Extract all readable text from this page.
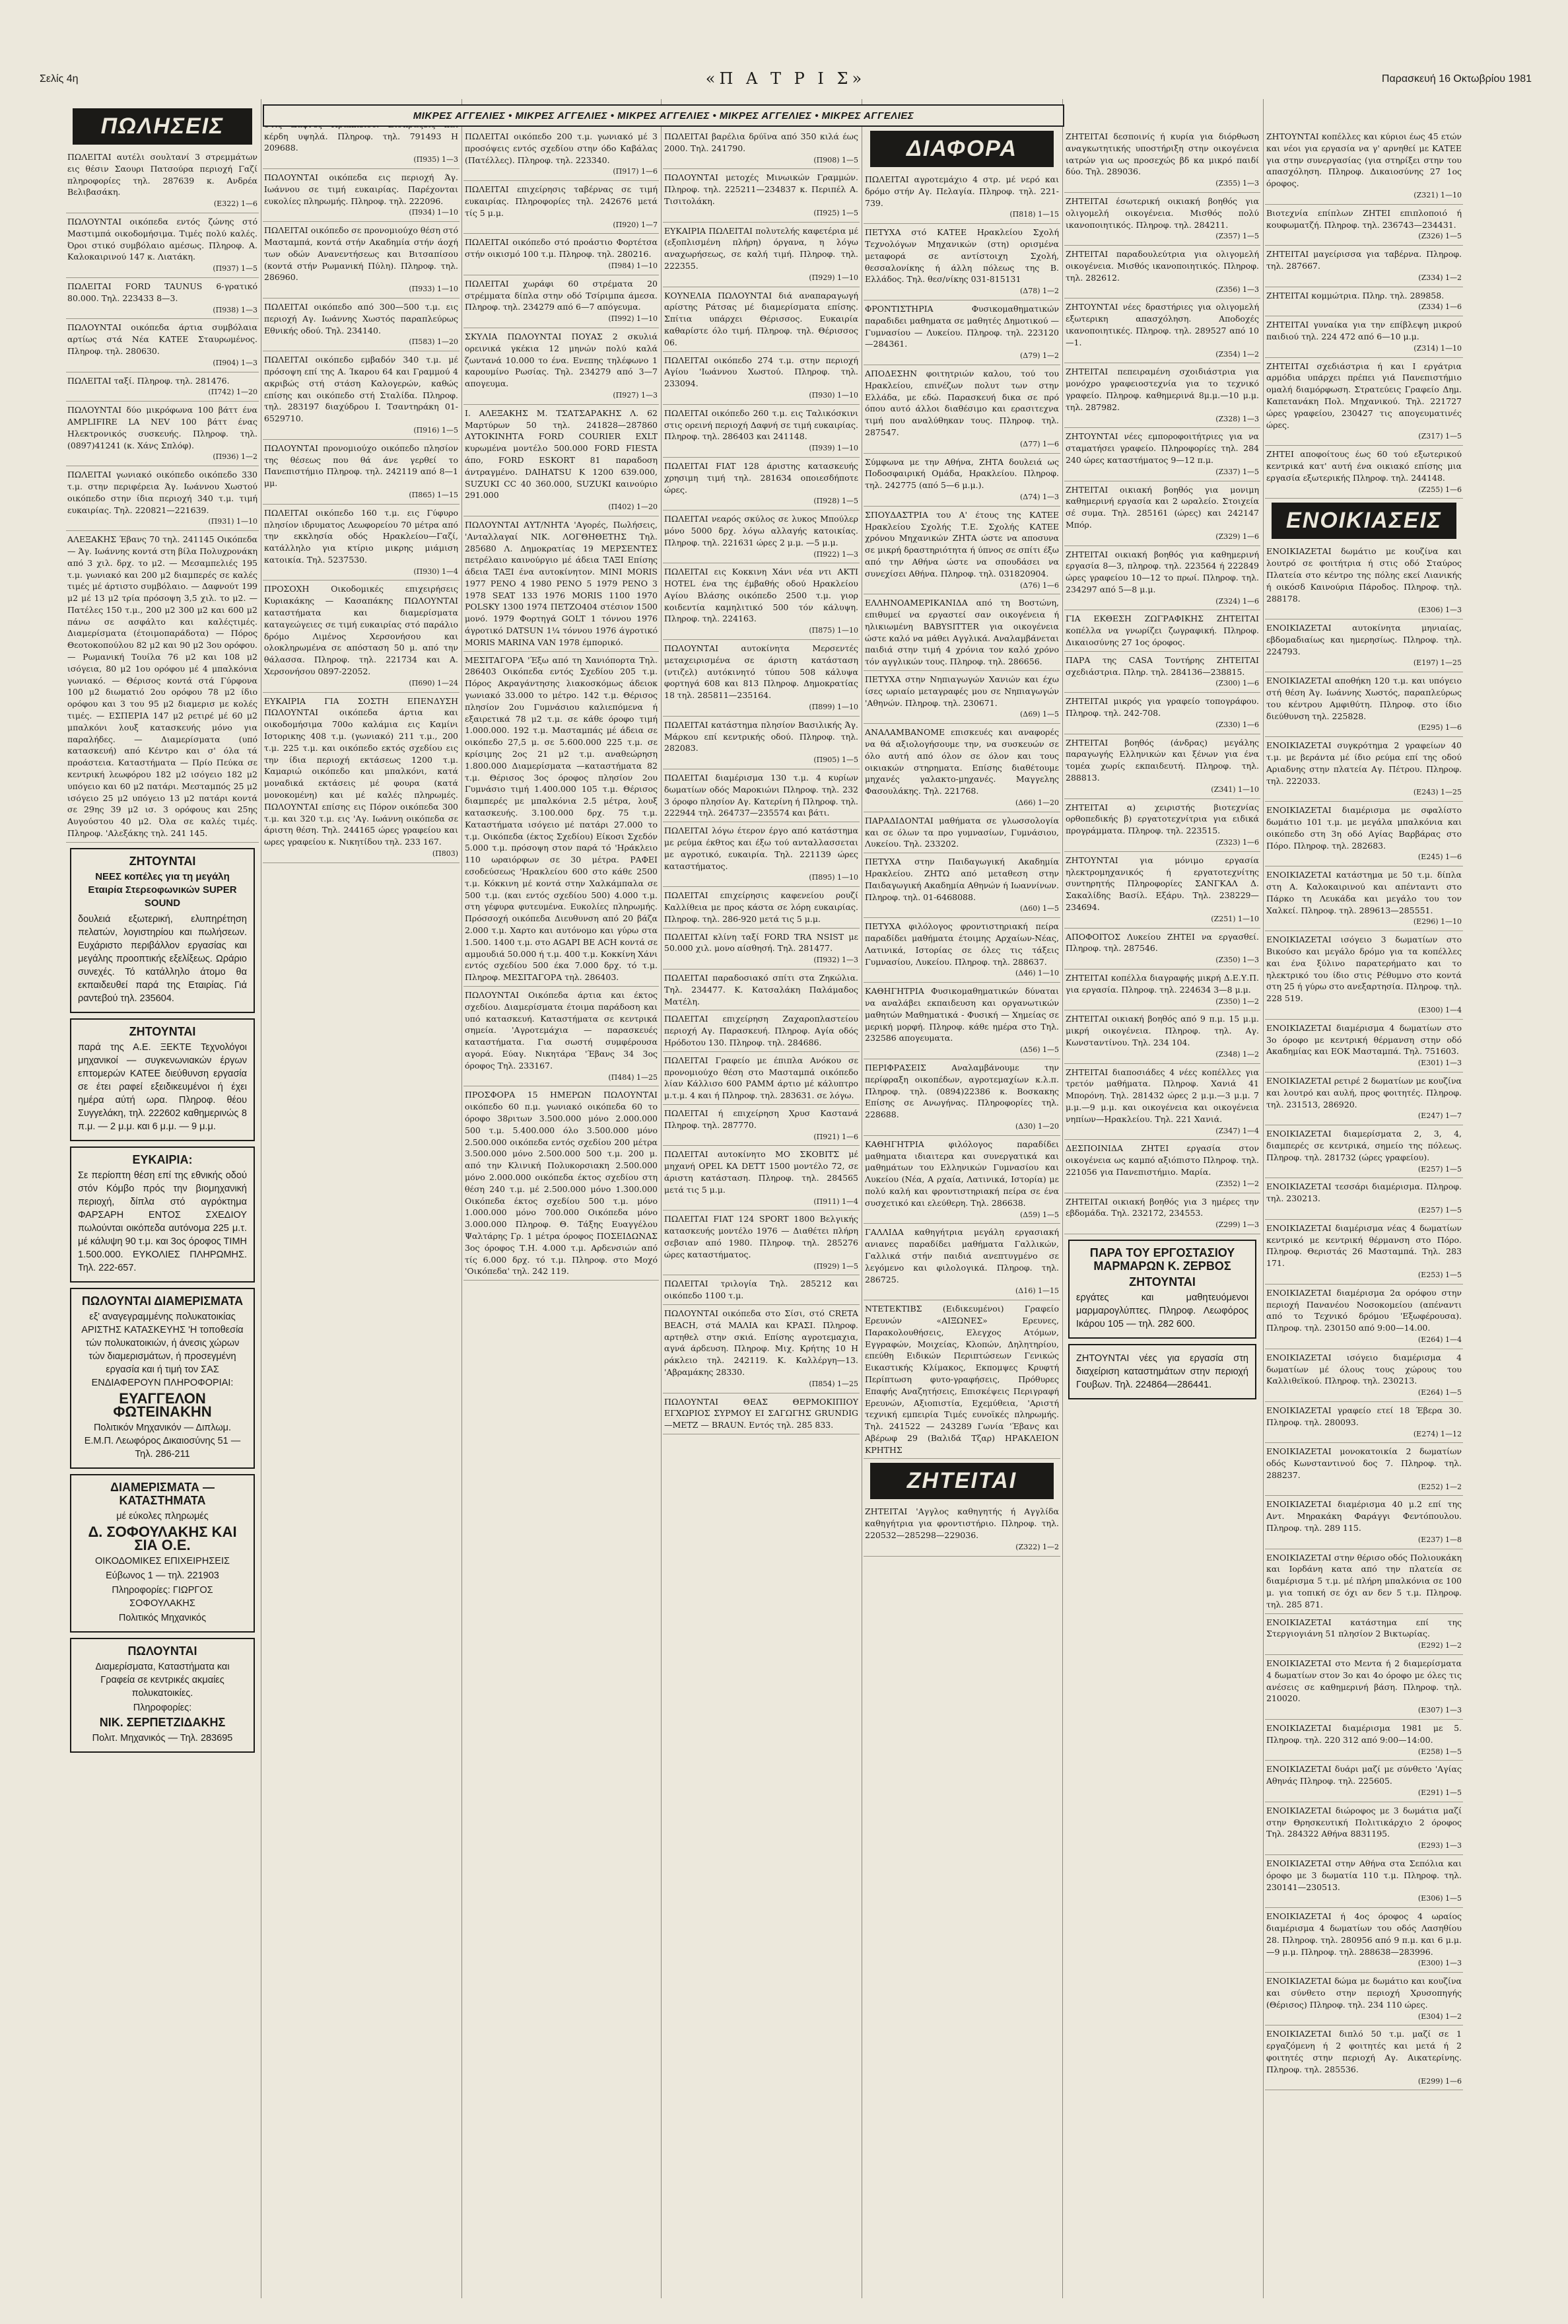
Σελίς 4η	«Π Α Τ Ρ Ι Σ»	Παρασκευή 16 Οκτωβρίου 1981
ΜΙΚΡΕΣ ΑΓΓΕΛΙΕΣ • ΜΙΚΡΕΣ ΑΓΓΕΛΙΕΣ • ΜΙΚΡΕΣ ΑΓΓΕΛΙΕΣ • ΜΙΚΡΕΣ ΑΓΓΕΛΙΕΣ • ΜΙΚΡΕΣ ΑΓΓΕΛΙΕΣ
ΠΩΛΗΣΕΙΣ
ΠΩΛΕΙΤΑΙ αυτέλι σουλτανί 3 στρεμμάτων εις θέσιν Σαουρι Πατσούρα περιοχή Γαζί πληροφορίες τηλ. 287639 κ. Ανδρέα Βελιβασάκη.
(Ε322) 1—6
ΠΩΛΟΥΝΤΑΙ οικόπεδα εντός ζώνης στό Μαστιμπά οικοδομήσιμα. Τιμές πολύ καλές. Όροι στικό συμβόλαιο αμέσως. Πληροφ. Α. Καλοκαιρινού 147 κ. Λιατάκη.
(Π937) 1—5
ΠΩΛΕΙΤΑΙ FORD TAUNUS 6-γρατικό 80.000. Τηλ. 223433 8—3.
(Π938) 1—3
ΠΩΛΟΥΝΤΑΙ οικόπεδα άρτια συμβόλαια αρτίως στά Νέα ΚΑΤΕΕ Σταυρωμένος. Πληροφ. τηλ. 280630.
(Π904) 1—3
ΠΩΛΕΙΤΑΙ ταξί. Πληροφ. τηλ. 281476.
(Π742) 1—20
ΠΩΛΟΥΝΤΑΙ δύο μικρόφωνα 100 βάττ ένα AMPLIFIRE LA NEV 100 βάττ ένας Ηλεκτρονικός συσκευής. Πληροφ. τηλ. (0897)41241 (κ. Χάνς Σπλόφ).
(Π936) 1—2
ΠΩΛΕΙΤΑΙ γωνιακό οικόπεδο οικόπεδο 330 τ.μ. στην περιφέρεια Άγ. Ιωάννου Χωστού οικόπεδο στην ίδια περιοχή 340 τ.μ. τιμή ευκαιρίας. Τηλ. 220821—221639.
(Π931) 1—10
ΑΛΕΞΑΚΗΣ Έβανς 70 τηλ. 241145 Οικόπεδα — Άγ. Ιωάννης κοντά στη βίλα Πολυχρονάκη από 3 χιλ. δρχ. το μ2. — Μεσαμπελιές 195 τ.μ. γωνιακό και 200 μ2 διαμπερές σε καλές τιμές μέ άρτιστο συμβόλαιο. — Δαφνούτ 199 μ2 μέ 13 μ2 τρία πρόσοψη 3,5 χιλ. το μ2. — Πατέλες 150 τ.μ., 200 μ2 300 μ2 και 600 μ2 πάνω σε ασφάλτο και καλέςτιμές. Διαμερίσματα (έτοιμοπαράδοτα) — Πόρος Θεοτοκοπούλου 82 μ2 και 90 μ2 3ου ορόφου. — Ρωμανική Τουίλα 76 μ2 και 108 μ2 ισόγεια, 80 μ2 1ου ορόφου μέ 4 μπαλκόνια γωνιακό. — Θέρισος κοντά στά Γύρφονα 100 μ2 διωματιό 2ου ορόφου 78 μ2 ίδιο ορόφου και 3 του 95 μ2 διαμερισ με κολές τιμές. — ΕΣΠΕΡΙΑ 147 μ2 ρετιρέ μέ 60 μ2 μπαλκόνι λουξ κατασκευής μόνο για παραλήδες. — Διαμερίσματα (υπό κατασκευή) από Κέντρο και σ' όλα τά προάστεια. Καταστήματα — Πρίο Πεύκα σε κεντρική λεωφόρου 182 μ2 ισόγειο 182 μ2 υπόγειο και 60 μ2 πατάρι. Μεσταμπός 25 μ2 ισόγειο 25 μ2 υπόγειο 13 μ2 πατάρι κοντά σε 29ης 39 μ2 ισ. 3 ορόφους και 25ης Αυγούστου 40 μ2. Όλα σε καλές τιμές. Πληροφ. 'Αλεξάκης τηλ. 241 145.
ΖΗΤΟΥΝΤΑΙ
ΝΕΕΣ κοπέλες για τη μεγάλη Εταιρία Στερεοφωνικών SUPER SOUND

δουλειά εξωτερική, ελυπηρέτηση πελατών, λογιστηρίου και πωλήσεων. Ευχάριστο περιβάλλον εργασίας και μεγάλης προοπτικής εξελίξεως. Ωράριο συνεχές. Τό κατάλληλο άτομο θα εκπαιδευθεί παρά της Εταιρίας. Γιά ραντεβού τηλ. 235604.

ΖΗΤΟΥΝΤΑΙ

παρά της Α.Ε. ΞΕΚΤΕ Τεχνολόγοι μηχανικοί — συγκενωνιακών έργων επτομερών ΚΑΤΕΕ διεύθυνση εργασία σε έτει ραφεί εξειδικευμένοι ή έχει ημέρα αύτή ωρα. Πληροφ. θέου Συγγελάκη, τηλ. 222602 καθημερινώς 8 π.μ. — 2 μ.μ. και 6 μ.μ. — 9 μ.μ.

ΕΥΚΑΙΡΙΑ:

Σε περίοπτη θέση επί της εθνικής οδού στόν Κόμβο πρός την βιομηχανική περιοχή, δίπλα στό αγρόκτημα ΦΑΡΣΑΡΗ ΕΝΤΟΣ ΣΧΕΔΙΟΥ πωλούνται οικόπεδα αυτόνομα 225 μ.τ. μέ κάλυψη 90 τ.μ. και 3ος όροφος ΤΙΜΗ 1.500.000. ΕΥΚΟΛΙΕΣ ΠΛΗΡΩΜΗΣ. Τηλ. 222-657.

ΠΩΛΟΥΝΤΑΙ ΔΙΑΜΕΡΙΣΜΑΤΑ

εξ' αναγεγραμμένης πολυκατοικίας ΑΡΙΣΤΗΣ ΚΑΤΑΣΚΕΥΗΣ 'Η τοποθεσία τών πολυκατοικιών, ή άνεσις χώρων τών διαμερισμάτων, ή προσεγμένη εργασία και ή τιμή τον ΣΑΣ ΕΝΔΙΑΦΕΡΟΥΝ ΠΛΗΡΟΦΟΡΙΑΙ:

ΕΥΑΓΓΕΛΟΝ ΦΩΤΕΙΝΑΚΗΝ

Πολιτικόν Μηχανικόν — Διπλωμ. Ε.Μ.Π. Λεωφόρος Δικαιοσύνης 51 — Τηλ. 286-211

ΔΙΑΜΕΡΙΣΜΑΤΑ — ΚΑΤΑΣΤΗΜΑΤΑ

μέ εύκολες πληρωμές

Δ. ΣΟΦΟΥΛΑΚΗΣ ΚΑΙ ΣΙΑ Ο.Ε.

ΟΙΚΟΔΟΜΙΚΕΣ ΕΠΙΧΕΙΡΗΣΕΙΣ

Εύβωνος 1 — τηλ. 221903

Πληροφορίες: ΓΙΩΡΓΟΣ ΣΟΦΟΥΛΑΚΗΣ

Πολιτικός Μηχανικός

ΠΩΛΟΥΝΤΑΙ

Διαμερίσματα, Καταστήματα και Γραφεία σε κεντρικές ακμαίες πολυκατοικίες.

Πληροφορίες:

ΝΙΚ. ΣΕΡΠΕΤΖΙΔΑΚΗΣ

Πολιτ. Μηχανικός — Τηλ. 283695

κέρδη υψηλά. Πληροφ. τηλ. 791493 Η 209688.
(Π935) 1—3
ΠΩΛΟΥΝΤΑΙ οικόπεδα εις περιοχή Άγ. Ιωάννου σε τιμή ευκαιρίας. Παρέχονται ευκολίες πληρωμής. Πληροφ. τηλ. 222096.
(Π934) 1—10
ΠΩΛΕΙΤΑΙ οικόπεδο σε προνομιούχο θέση στό Μασταμπά, κοντά στήν Ακαδημία στήν άοχή των οδών Ανανεντήσεως και Βιτσαπίσου (κοντά στήν Ρωμανική Πύλη). Πληροφ. τηλ. 286960.
(Π933) 1—10
ΠΩΛΕΙΤΑΙ οικόπεδο από 300—500 τ.μ. εις περιοχή Αγ. Ιωάννης Χωστός παραπλεύρως Εθνικής οδού. Τηλ. 234140.
(Π583) 1—20
ΠΩΛΕΙΤΑΙ οικόπεδο εμβαδόν 340 τ.μ. μέ πρόσοψη επί της Α. Ίκαρου 64 και Γραμμού 4 ακριβώς στή στάση Καλογερών, καθώς επίσης και οικόπεδο στή Σταλίδα. Πληροφ. τηλ. 283197 διαχύδρου Ι. Τσαντηράκη 01-6529710.
(Π916) 1—5
ΠΩΛΟΥΝΤΑΙ προνομιούχο οικόπεδο πλησίον της θέσεως που θά άνε γερθεί το Πανεπιστήμιο Πληροφ. τηλ. 242119 από 8—1 μμ.
(Π865) 1—15
ΠΩΛΕΙΤΑΙ οικόπεδο 160 τ.μ. εις Γύφυρο πλησίον ιδρυματος Λεωφορείου 70 μέτρα από την εκκλησία οδός Ηρακλείου—Γαζί, κατάλληλο για κτίριο μικρης μιάμιση κατοικία. Τηλ. 5237530.
(Π930) 1—4
ΠΡΟΣΟΧΗ Οικοδομικές επιχειρήσεις Κυριακάκης — Κασαπάκης ΠΩΛΟΥΝΤΑΙ καταστήματα και διαμερίσματα καταγεώγειες σε τιμή ευκαιρίας στό παράλιο δρόμο Λιμένος Χερσονήσου και ολοκληρωμένα σε απόσταση 50 μ. από την θάλασσα. Πληροφ. τηλ. 221734 και Α. Χερσονήσου 0897-22052.
(Π690) 1—24
ΕΥΚΑΙΡΙΑ ΓΙΑ ΣΟΣΤΗ ΕΠΕΝΔΥΣΗ ΠΩΛΟΥΝΤΑΙ οικόπεδα άρτια και οικοδομήσιμα 700ο καλάμια εις Καμίνι Ιστορικης 408 τ.μ. (γωνιακό) 211 τ.μ., 200 τ.μ. 225 τ.μ. και οικόπεδο εκτός σχεδίου εις την ίδια περιοχή εκτάσεως 1200 τ.μ. Καμαριώ οικόπεδο και μπαλκόνι, κατά μοναδικά εκτάσεις μέ φουρα (κατά μονοκομένη) και μέ καλές πληρωμές. ΠΩΛΟΥΝΤΑΙ επίσης εις Πόρον οικόπεδα 300 τ.μ. και 320 τ.μ. εις 'Αγ. Ιωάννη οικόπεδα σε άριστη θέση. Τηλ. 244165 ώρες γραφείου και ωρες γραφείου κ. Νικητίδου τηλ. 233 167.
(Π803)
ΠΩΛΕΙΤΑΙ οικόπεδο 200 τ.μ. γωνιακό μέ 3 προσόψεις εντός σχεδίου στην όδο Καβάλας (Πατέλλες). Πληροφ. τηλ. 223340.
(Π917) 1—6
ΠΩΛΕΙΤΑΙ επιχείρησις ταβέρνας σε τιμή ευκαιρίας. Πληροφορίες τηλ. 242676 μετά τίς 5 μ.μ.
(Π920) 1—7
ΠΩΛΕΙΤΑΙ οικόπεδο στό προάστιο Φορτέτσα στήν οικισμό 100 τ.μ. Πληροφ. τηλ. 280216.
(Π984) 1—10
ΠΩΛΕΙΤΑΙ χωράφι 60 στρέματα 20 στρέμματα δίπλα στην οδό Τσίριμπα άμεσα. Πληροφ. τηλ. 234279 από 6—7 απόγευμα.
(Π992) 1—10
ΣΚΥΛΙΑ ΠΩΛΟΥΝΤΑΙ ΠΟΥΑΣ 2 σκυλιά ορεινικά γκέκια 12 μηνών πολύ καλά ζωντανά 10.000 το ένα. Ενεπης τηλέφωνο 1 καρουμίνο Ρωσίας. Τηλ. 234279 από 3—7 απογευμα.
(Π927) 1—3
Ι. ΑΛΕΞΑΚΗΣ Μ. ΤΣΑΤΣΑΡΑΚΗΣ Λ. 62 Μαρτύρων 50 τηλ. 241828—287860 ΑΥΤΟΚΙΝΗΤΑ FORD COURIER EXLT κυρωμένα μοντέλο 500.000 FORD FIESTA άπο, FORD ESKORT 81 παραδοση άντραγμένο. DAIHATSU Κ 1200 639.000, SUZUKI CC 40 360.000, SUZUKI καινούριο 291.000
(Π402) 1—20
ΠΩΛΟΥΝΤΑΙ ΑΥΤ/ΝΗΤΑ 'Αγορές, Πωλήσεις, 'Ανταλλαγαί ΝΙΚ. ΛΟΓΘΗΘΕΤΗΣ Τηλ. 285680 Λ. Δημοκρατίας 19 ΜΕΡΣΕΝΤΕΣ πετρέλαιο καινούργιο μέ άδεια ΤΑΞΙ Επίσης άδεια ΤΑΞΙ ένα αυτοκίνητον. MINI MORIS 1977 PENO 4 1980 PENO 5 1979 PENO 3 1978 SEAT 133 1976 MORIS 1100 1970 POLSKY 1300 1974 ΠΕΤΖΟ404 στέσιον 1500 μονό. 1979 Φορτηγά GOLT 1 τόννου 1976 άγροτικό DATSUN 1¼ τόννου 1976 άγροτικό MORIS MARINA VAN 1978 έμπορικό.
ΜΕΣΙΤΑΓΟΡΑ 'Έξω από τη Χανιόπορτα Τηλ. 286403 Οικόπεδα εντός Σχεδίου 205 τ.μ. Πόρος Ακραγάντησης λιακοσκόμως άδειοκ γωνιακό 33.000 το μέτρο. 142 τ.μ. Θέρισος πλησίον 2ου Γυμνάσιου καλιεπόμενα ή εξαιρετικά 78 μ2 τ.μ. σε κάθε όροφο τιμή 1.000.000. 192 τ.μ. Μασταμπάς μέ άδεια σε οικόπεδο 27,5 μ. σε 5.600.000 225 τ.μ. σε κρίσιμης 2ος 21 μ2 τ.μ. αναθεώρηση 1.800.000 Διαμερίσματα —καταστήματα 82 τ.μ. Θέρισος 3ος όροφος πλησίον 2ου Γυμνάσιο τιμή 1.400.000 105 τ.μ. Θέρισος διαμπερές με μπαλκόνια 2.5 μέτρα, λουξ κατασκευής. 3.100.000 δρχ. 75 τ.μ. Καταστήματα ισόγειο μέ πατάρι 27.000 το τ.μ. Οικόπεδα (έκτος Σχεδίου) Είκοσι Σχεδόν 5.000 τ.μ. πρόσοψη στον παρά τό 'Ηράκλειο 110 ωραιόρφων σε 30 μέτρα. ΡΑΦΕΙ εσοδεύσεως 'Ηρακλείου 600 στο κάθε 2500 τ.μ. Κόκκινη μέ κοντά στην Χαλκάμπαλα σε 500 τ.μ. (και εντός σχεδίου 500) 4.000 τ.μ. στη γέφυρα φυτευμένα. Ευκολίες πληρωμής. Πρόσσοχή οικόπεδα Διευθυνση από 20 βάζα 2.000 τ.μ. Χαρτο και αυτόνομο και γύρω στα 1.500. 1400 τ.μ. στο AGAPI BE ACH κοντά σε αμμουδιά 50.000 ή τ.μ. 400 τ.μ. Κοκκίνη Χάνι εντός σχεδίου 500 έκα 7.000 δρχ. τό τ.μ. Πληροφ. ΜΕΣΙΤΑΓΟΡΑ τηλ. 286403.
ΠΩΛΟΥΝΤΑΙ Οικόπεδα άρτια και έκτος σχεδίου. Διαμερίσματα έτοιμα παράδοση και υπό κατασκευή. Καταστήματα σε κεντρικά σημεία. 'Αγροτεμάχια — παρασκευές καταστήματα. Για σωστή συμφέρουσα αγορά. Εύαγ. Νικητάρα 'Έβανς 34 3ος όροφος Τηλ. 233167.
(Π484) 1—25
ΠΡΟΣΦΟΡΑ 15 ΗΜΕΡΩΝ ΠΩΛΟΥΝΤΑΙ οικόπεδο 60 π.μ. γωνιακό οικόπεδα 60 το όροφο 38ριτων 3.500.000 μόνο 2.000.000 500 τ.μ. 5.400.000 όλο 3.500.000 μόνο 2.500.000 οικόπεδα εντός σχεδίου 200 μέτρα 3.500.000 μόνο 2.500.000 500 τ.μ. 200 μ. από την Κλινική Πολυκορσιακη 2.500.000 μόνο 2.000.000 οικόπεδα έκτος σχεδίου στη θέση 240 τ.μ. μέ 2.500.000 μόνο 1.300.000 Οικόπεδα έκτος σχεδίου 500 τ.μ. μόνο 1.000.000 μόνο 700.000 Οικόπεδα μόνο 3.000.000 Πληροφ. Θ. Τάξης Ευαγγέλου Ψαλτάρης Γρ. 1 μέτρα όροφος ΠΟΣΕΙΔΩΝΑΣ 3ος όροφος Τ.Η. 4.000 τ.μ. Αρδενσιών από τίς 6.000 δρχ. τό τ.μ. Πληροφ. στο Μοχό 'Οικόπεδα' τηλ. 242 119.
ΠΩΛΕΙΤΑΙ βαρέλια δρύϊνα από 350 κιλά έως 2000. Τηλ. 241790.
(Π908) 1—5
ΠΩΛΟΥΝΤΑΙ μετοχές Μινωικών Γραμμών. Πληροφ. τηλ. 225211—234837 κ. Περιπέλ Α. Τισιτολάκη.
(Π925) 1—5
ΕΥΚΑΙΡΙΑ ΠΩΛΕΙΤΑΙ πολυτελής καφετέρια μέ (εξοπλισμένη πλήρη) όργανα, η λόγω αναχωρήσεως, σε καλή τιμή. Πληροφ. τηλ. 222355.
(Π929) 1—10
ΚΟΥΝΕΛΙΑ ΠΩΛΟΥΝΤΑΙ διά αναπαραγωγή αρίστης Ράτσας μέ διαμερίσματα επίσης. Σπίτια υπάρχει Θέρισσος. Ευκαιρία καθαρίστε όλο τιμή. Πληροφ. τηλ. Θέρισσος 06.
ΠΩΛΕΙΤΑΙ οικόπεδο 274 τ.μ. στην περιοχή Αγίου 'Ιωάννου Χωστού. Πληροφ. τηλ. 233094.
(Π930) 1—10
ΠΩΛΕΙΤΑΙ οικόπεδο 260 τ.μ. εις Ταλικόσκινι στις ορεινή περιοχή Δαφνή σε τιμή ευκαιρίας. Πληροφ. τηλ. 286403 και 241148.
(Π939) 1—10
ΠΩΛΕΙΤΑΙ FIAT 128 άριστης κατασκευής χρησιμη τιμή τηλ. 281634 οποιεσδήποτε ώρες.
(Π928) 1—5
ΠΩΛΕΙΤΑΙ νεαρός σκύλος σε λυκος Μπούλερ μόνο 5000 δρχ. λόγω αλλαγής κατοικίας. Πληροφ. τηλ. 221631 ώρες 2 μ.μ. —5 μ.μ.
(Π922) 1—3
ΠΩΛΕΙΤΑΙ εις Κοκκινη Χάνι νέα ντι ΑΚΤΙ HOTEL ένα της έμβαθής οδού Ηρακλείου Αγίου Βλάσης οικόπεδο 2500 τ.μ. γιορ κοιδεντία καμηλιτικό 500 τόν κάλυψη. Πληροφ. τηλ. 224163.
(Π875) 1—10
ΠΩΛΟΥΝΤΑΙ αυτοκίνητα Μερσεντές μεταχειρισμένα σε άριστη κατάσταση (ντιζελ) αυτόκινητό τύπου 508 κάλυψα φορτηγά 608 και 813 Πληροφ. Δημοκρατίας 18 τηλ. 285811—235164.
(Π899) 1—10
ΠΩΛΕΙΤΑΙ κατάστημα πλησίον Βασιλικής Άγ. Μάρκου επί κεντρικής οδού. Πληροφ. τηλ. 282083.
(Π905) 1—5
ΠΩΛΕΙΤΑΙ διαμέρισμα 130 τ.μ. 4 κυρίων δωματίων οδός Μαροκιώνι Πληροφ. τηλ. 232 3 όροφο πλησίον Αγ. Κατερίνη ή Πληροφ. τηλ. 222944 τηλ. 264737—235574 και βάτι.
ΠΩΛΕΙΤΑΙ λόγω έτερον έργο από κατάστημα με ρεύμα έκθτος και έξω τού ανταλλασσεται με αγροτικό, ευκαιρία. Τηλ. 221139 ώρες καταστήματος.
(Π895) 1—10
ΠΩΛΕΙΤΑΙ επιχείρησις καφενείου ρουζί Καλλίθεια με προς κάστα σε λόρη ευκαιρίας. Πληροφ. τηλ. 286-920 μετά τις 5 μ.μ.
ΠΩΛΕΙΤΑΙ κλίνη ταξί FORD TRA NSIST με 50.000 χιλ. μονο αίσθησή. Τηλ. 281477.
(Π932) 1—3
ΠΩΛΕΙΤΑΙ παραδοσιακό σπίτι στα Ζηκώλια. Τηλ. 234477. Κ. Κατσαλάκη Παλάμαδος Ματέλη.
ΠΩΛΕΙΤΑΙ επιχείρηση Ζαχαροπλαστείου περιοχή Αγ. Παρασκευή. Πληροφ. Αγία οδός Ηρόδοτου 130. Πληροφ. τηλ. 284686.
ΠΩΛΕΙΤΑΙ Γραφείο με έπιπλα Ανόκου σε προνομιούχο θέση στο Μασταμπά οικόπεδο λίαν Κάλλισο 600 ΡΑΜΜ άρτιο μέ κάλυπτρο μ.τ.μ. 4 και ή Πληροφ. τηλ. 283631. σε λόγω.
ΠΩΛΕΙΤΑΙ ή επιχείρηση Χρυσ Καστανά Πληροφ. τηλ. 287770.
(Π921) 1—6
ΠΩΛΕΙΤΑΙ αυτοκίνητο ΜΟ ΣΚΟΒΙΤΣ μέ μηχανή OPEL KA DETT 1500 μοντέλο 72, σε άριστη κατάσταση. Πληροφ. τηλ. 284565 μετά τις 5 μ.μ.
(Π911) 1—4
ΠΩΛΕΙΤΑΙ FIAT 124 SPORT 1800 Βελγικής κατασκευής μοντέλο 1976 — Διαθέτει πλήρη σεβσιαν από 1980. Πληροφ. τηλ. 285276 ώρες καταστήματος.
(Π929) 1—5
ΠΩΛΕΙΤΑΙ τριλογία Τηλ. 285212 και οικόπεδο 1100 τ.μ.
ΠΩΛΟΥΝΤΑΙ οικόπεδα στο Σίσι, στό CRETA BEACH, στά ΜΑΛΙΑ και ΚΡΑΣΙ. Πληροφ. αρτηθελ στην σκιά. Επίσης αγροτεμαχια, αγνά άρδευση. Πληροφ. Μιχ. Κρήτης 10 Η ράκλειο τηλ. 242119. Κ. Καλλέργη—13. 'Αβραμάκης 28330.
(Π854) 1—25
ΠΩΛΟΥΝΤΑΙ ΘΕΑΣ ΘΕΡΜΟΚΙΠΙΟΥ ΕΓΧΩΡΙΟΣ ΣΥΡΜΟΥ ΕΙ ΣΑΓΩΓΗΣ GRUNDIG —METZ — BRAUN. Εντός τηλ. 285 833.
ΔΙΑΦΟΡΑ
ΠΩΛΕΙΤΑΙ αγροτεμάχιο 4 στρ. μέ νερό και δρόμο στήν Αγ. Πελαγία. Πληροφ. τηλ. 221-739.
(Π818) 1—15
ΠΕΤΥΧΑ στό ΚΑΤΕΕ Ηρακλείου Σχολή Τεχνολόγων Μηχανικών (στη) ορισμένα μεταφορά σε αντίστοιχη Σχολή, θεσσαλονίκης ή άλλη πόλεως της Β. Ελλάδος. Τηλ. θεσ/νίκης 031-815131
(Δ78) 1—2
ΦΡΟΝΤΙΣΤΗΡΙΑ Φυσικομαθηματικών παραδιδει μαθηματα σε μαθητές Δημοτικού — Γυμνασίου — Λυκείου. Πληροφ. τηλ. 223120—284361.
(Δ79) 1—2
ΑΠΟΔΕΣΗΝ φοιτητριών καλου, τού του Ηρακλείου, επινέζων πολυτ των στην Ελλάδα, με εδώ. Παρασκευή δικα σε πρό όπου αυτό άλλοι διαθέσιμο και ερασιτεχνα τιμή που αναλύθηκαν τους. Πληροφ. τηλ. 287547.
(Δ77) 1—6
Σύμφωνα με την Αθήνα, ΖΗΤΑ δουλειά ως Ποδοσφαιρική Ομάδα, Ηρακλείου. Πληροφ. τηλ. 242775 (από 5—6 μ.μ.).
(Δ74) 1—3
ΣΠΟΥΔΑΣΤΡΙΑ του Α' έτους της ΚΑΤΕΕ Ηρακλείου Σχολής Τ.Ε. Σχολής ΚΑΤΕΕ χρόνου Μηχανικών ΖΗΤΑ ώστε να αποσυνα σε μικρή δραστηριότητα ή ύπνος σε σπίτι έξω από την Αθήνα ώστε να σπουδάσει να συνεχίσει Αθήνα. Πληροφ. τηλ. 031820904.
(Δ76) 1—6
ΕΛΛΗΝΟΑΜΕΡΙΚΑΝΙΔΑ από τη Βοστώνη, επιθυμεί να εργαστεί σαν οικογένεια ή ηλικιωμένη BABYSITTER για οικογένεια ώστε καλό να μάθει Αγγλικά. Αναλαμβάνεται παιδιά στην τιμή 4 χρόνια τον καλό χρόνο τόν αγγλικών τους. Πληροφ. τηλ. 286656.
ΠΕΤΥΧΑ στην Νηπιαγωγών Χανιών και έχω ίσες ωριαίο μεταγραφές μου σε Νηπιαγωγών 'Αθηνών. Πληροφ. τηλ. 230671.
(Δ69) 1—5
ΑΝΑΛΑΜΒΑΝΟΜΕ επισκευές και αναφορές να θά αξιολογήσουμε την, να συσκευών σε όλο αυτή από όλον σε όλον και τους οικιακών στηρηματα. Επίσης διαθέτουμε μηχανές γαλακτο-μηχανές. Μαγγελης Φασουλάκης. Τηλ. 221768.
(Δ66) 1—20
ΠΑΡΑΔΙΔΟΝΤΑΙ μαθήματα σε γλωσσολογία και σε όλων τα προ γυμνασίων, Γυμνάσιου, Λυκείου. Τηλ. 233202.
ΠΕΤΥΧΑ στην Παιδαγωγική Ακαδημία Ηρακλείου. ΖΗΤΩ από μεταθεση στην Παιδαγωγική Ακαδημία Αθηνών ή Ιωαννίνων. Πληροφ. τηλ. 01-6468088.
(Δ60) 1—5
ΠΕΤΥΧΑ φιλόλογος φροντιστηριακή πείρα παραδίδει μαθήματα έτοιμης Αρχαίων-Νέας, Λατινικά, Ιστορίας σε όλες τις τάξεις Γυμνασίου, Λυκείου. Πληροφ. τηλ. 288637.
(Δ46) 1—10
ΚΑΘΗΓΗΤΡΙΑ Φυσικομαθηματικών δύναται να αναλάβει εκπαιδευση και οργανωτικών μαθητών Μαθηματικά - Φυσική — Χημείας σε μερική μορφή. Πληροφ. κάθε ημέρα στο Τηλ. 232586 απογευματα.
(Δ56) 1—5
ΠΕΡΙΦΡΑΣΕΙΣ Αναλαμβάνουμε την περίφραξη οικοπέδων, αγροτεμαχίων κ.λ.π. Πληροφ. τηλ. (0894)22386 κ. Βοσκακης Επίσης σε Ανωγήνας. Πληροφορίες τηλ. 228688.
(Δ30) 1—20
ΚΑΘΗΓΗΤΡΙΑ φιλόλογος παραδίδει μαθηματα ιδιαιτερα και συνεργατικά και μαθημάτων του Ελληνικών Γυμνασίου και Λυκείου (Νέα, Α ρχαία, Λατινικά, Ιστορία) με πολύ καλή και φροντιστηριακή πείρα σε ένα συσχετικό και ελεύθερη. Τηλ. 286638.
(Δ59) 1—5
ΓΑΛΛΙΔΑ καθηγήτρια μεγάλη εργασιακή ανιανες παραδίδει μαθήματα Γαλλικών, Γαλλικά στήν παιδιά ανεπτυγμένο σε λεγόμενο και φιλολογικά. Πληροφ. τηλ. 286725.
(Δ16) 1—15
ΝΤΕΤΕΚΤΙΒΣ (Ειδικευμένοι) Γραφείο Ερευνών «ΑΙΞΩΝΕΣ» Ερευνες, Παρακολουθήσεις, Ελεγχος Ατόμων, Εγγραφών, Μοιχείας, Κλοπών, Δηλητηρίου, επεύθη Ειδικών Περιπτώσεων Γενικώς Εικαστικής Κλίμακος, Εκπομψες Κρυφτή Περίπτωση φυτο-γραφήσεις, Πρόθυρες Επαφής Αναζητήσεις, Επισκέψεις Περιγραφή Ερευνών, Αξιοπιστία, Εχεμύθεια, 'Αριστή τεχνική εμπειρία Τιμές ευνοϊκές πληρωμής. Τηλ. 241522 — 243289 Γωνία 'Έβανς και Αβέρωφ 29 (Βαλιδά Τζαρ) ΗΡΑΚΛΕΙΟΝ ΚΡΗΤΗΣ
ΖΗΤΕΙΤΑΙ
ΖΗΤΕΙΤΑΙ 'Αγγλος καθηγητής ή Αγγλίδα καθηγήτρια για φροντιστήριο. Πληροφ. τηλ. 220532—285298—229036.
(Ζ322) 1—2
ΖΗΤΕΙΤΑΙ δεσποινίς ή κυρία για διόρθωση αναγκωτητικής υποστήριξη στην οικογένεια ιατρών για ως προσεχώς βδ κα μικρό παιδί δύο. Τηλ. 289036.
(Ζ355) 1—3
ΖΗΤΕΙΤΑΙ έσωτερική οικιακή βοηθός για ολιγομελή οικογένεια. Μισθός πολύ ικανοποιητικός. Πληροφ. τηλ. 284211.
(Ζ357) 1—5
ΖΗΤΕΙΤΑΙ παραδουλεύτρια για ολιγομελή οικογένεια. Μισθός ικανοποιητικός. Πληροφ. τηλ. 282612.
(Ζ356) 1—3
ΖΗΤΟΥΝΤΑΙ νέες δραστήριες για ολιγομελή εξωτερικη απασχόληση. Αποδοχές ικανοποιητικές. Πληροφ. τηλ. 289527 από 10—1.
(Ζ354) 1—2
ΖΗΤΕΙΤΑΙ πεπειραμένη σχοιδιάστρια για μονόχρο γραφειοστεχνία για το τεχνικό γραφείο. Πληροφ. καθημερινά 8μ.μ.—10 μ.μ. τηλ. 287982.
(Ζ328) 1—3
ΖΗΤΟΥΝΤΑΙ νέες εμποροφοιτήτριες για να σταματήσει γραφείο. Πληροφορίες τηλ. 284 240 ώρες καταστήματος 9—12 π.μ.
(Ζ337) 1—5
ΖΗΤΕΙΤΑΙ οικιακή βοηθός για μονιμη καθημερινή εργασία και 2 ωραλείο. Στοιχεία σέ συμα. Τηλ. 285161 (ώρες) και 242147 Μπόρ.
(Ζ329) 1—6
ΖΗΤΕΙΤΑΙ οικιακή βοηθός για καθημερινή εργασία 8—3, πληροφ. τηλ. 223564 ή 222849 ώρες γραφείου 10—12 το πρωί. Πληροφ. τηλ. 234297 από 5—8 μ.μ.
(Ζ324) 1—6
ΓΙΑ ΕΚΘΕΣΗ ΖΩΓΡΑΦΙΚΗΣ ΖΗΤΕΙΤΑΙ κοπέλλα να γνωρίζει ζωγραφική. Πληροφ. Δικαιοσύνης 27 1ος όροφος.
ΠΑΡΑ της CASA Τοντήρης ΖΗΤΕΙΤΑΙ σχεδιάστρια. Πληρ. τηλ. 284136—238815.
(Ζ300) 1—6
ΖΗΤΕΙΤΑΙ μικρός για γραφείο τοπογράφου. Πληροφ. τηλ. 242-708.
(Ζ330) 1—6
ΖΗΤΕΙΤΑΙ βοηθός (άνδρας) μεγάλης παραγωγής Ελληνικών και ξένων για ένα τομέα χωρίς εκπαιδευτή. Πληροφ. τηλ. 288813.
(Ζ341) 1—10
ΖΗΤΕΙΤΑΙ α) χειριστής βιοτεχνίας ορθοπεδικής β) εργατοτεχνίτρια για ειδικά προγράμματα. Πληροφ. τηλ. 223515.
(Ζ323) 1—6
ΖΗΤΟΥΝΤΑΙ για μόνιμο εργασία ηλεκτρομηχανικός ή εργατοτεχνίτης συντηρητής Πληροφορίες ΣΑΝΓΚΑΛ Δ. Σακαλίδης Βασίλ. Εξάρυ. Τηλ. 238229—234694.
(Ζ251) 1—10
ΑΠΟΦΟΙΤΟΣ Λυκείου ΖΗΤΕΙ να εργασθεί. Πληροφ. τηλ. 287546.
(Ζ350) 1—3
ΖΗΤΕΙΤΑΙ κοπέλλα διαγραφής μικρή Δ.Ε.Υ.Π. για εργασία. Πληροφ. τηλ. 224634 3—8 μ.μ.
(Ζ350) 1—2
ΖΗΤΕΙΤΑΙ οικιακή βοηθός από 9 π.μ. 15 μ.μ. μικρή οικογένεια. Πληροφ. τηλ. Αγ. Κωνσταντίνου. Τηλ. 234 104.
(Ζ348) 1—2
ΖΗΤΕΙΤΑΙ διαποσιάδες 4 νέες κοπέλλες για τρετόν μαθήματα. Πληροφ. Χανιά 41 Μπορόνη. Τηλ. 281432 ώρες 2 μ.μ.—3 μ.μ. 7 μ.μ.—9 μ.μ. και οικογένεια και οικογένεια νηπίων—Ηρακλείου. Τηλ. 221 Χανιά.
(Ζ347) 1—4
ΔΕΣΠΟΙΝΙΔΑ ΖΗΤΕΙ εργασία στον οικογένεια ως καμπό αξιόπιστο Πληροφ. τηλ. 221056 για Πανεπιστήμιο. Μαρία.
(Ζ352) 1—2
ΖΗΤΕΙΤΑΙ οικιακή βοηθός για 3 ημέρες την εβδομάδα. Τηλ. 232172, 234553.
(Ζ299) 1—3
ΠΑΡΑ ΤΟΥ ΕΡΓΟΣΤΑΣΙΟΥ ΜΑΡΜΑΡΩΝ Κ. ΖΕΡΒΟΣ
ΖΗΤΟΥΝΤΑΙ

εργάτες και μαθητευόμενοι μαρμαρογλύπτες. Πληροφ. Λεωφόρος Ικάρου 105 — τηλ. 282 600.

ΖΗΤΟΥΝΤΑΙ νέες για εργασία στη διαχείριση καταστημάτων στην περιοχή Γουβων. Τηλ. 224864—286441.

ΖΗΤΟΥΝΤΑΙ κοπέλλες και κύριοι έως 45 ετών και νέοι για εργασία να γ' αρνηθεί με ΚΑΤΕΕ για στην συνεργασίας (για στηρίξει στην του απασχόληση. Πληροφ. Δικαιοσύνης 27 1ος όροφος.
(Ζ321) 1—10
Βιοτεχνία επίπλων ΖΗΤΕΙ επιπλοποιό ή κουφωματζή. Πληροφ. τηλ. 236743—234431.
(Ζ326) 1—5
ΖΗΤΕΙΤΑΙ μαγείρισσα για ταβέρνα. Πληροφ. τηλ. 287667.
(Ζ334) 1—2
ΖΗΤΕΙΤΑΙ κομμώτρια. Πληρ. τηλ. 289858.
(Ζ334) 1—6
ΖΗΤΕΙΤΑΙ γυναίκα για την επίβλεψη μικρού παιδιού τηλ. 224 472 από 6—10 μ.μ.
(Ζ314) 1—10
ΖΗΤΕΙΤΑΙ σχεδιάστρια ή και Ι εργάτρια αρμόδια υπάρχει πρέπει γιά Πανεπιστήμιο ομαλή διαμόρφωση. Στρατεύεις Γραφείο Δημ. Καπετανάκη Πολ. Μηχανικού. Τηλ. 221727 ώρες γραφείου, 230427 τις απογευματινές ώρες.
(Ζ317) 1—5
ΖΗΤΕΙ αποφοίτους έως 60 τού εξωτερικού κεντρικά κατ' αυτή ένα οικιακό επίσης μια εργασία εξωτερικής Πληροφ. τηλ. 244148.
(Ζ255) 1—6
ΕΝΟΙΚΙΑΣΕΙΣ
ΕΝΟΙΚΙΑΖΕΤΑΙ δωμάτιο με κουζίνα και λουτρό σε φοιτήτρια ή στις οδό Σταύρος Πλατεία στο κέντρο της πόλης εκεί Λιανικής ή οικόσδ Καινούρια Πάροδος. Πληροφ. τηλ. 288178.
(Ε306) 1—3
ΕΝΟΙΚΙΑΖΕΤΑΙ αυτοκίνητα μηνιαίας, εβδομαδιαίως και ημερησίως. Πληροφ. τηλ. 224793.
(Ε197) 1—25
ΕΝΟΙΚΙΑΖΕΤΑΙ αποθήκη 120 τ.μ. και υπόγειο στή θέση Άγ. Ιωάννης Χωστός, παραπλεύρως του κέντρου Αμφιθύτη. Πληροφ. στο ίδιο διεύθυνση τηλ. 225828.
(Ε295) 1—6
ΕΝΟΙΚΙΑΖΕΤΑΙ συγκρότημα 2 γραφείων 40 τ.μ. με βεράντα μέ ίδιο ρεύμα επί της οδού Αριαδνης στην πλατεία Αγ. Πέτρου. Πληροφ. τηλ. 222033.
(Ε243) 1—25
ΕΝΟΙΚΙΑΖΕΤΑΙ διαμέρισμα με σφαλίστο δωμάτιο 101 τ.μ. με μεγάλα μπαλκόνια και οικόπεδο στη 3η οδό Αγίας Βαρβάρας στο Πόρο. Πληροφ. τηλ. 282683.
(Ε245) 1—6
ΕΝΟΙΚΙΑΖΕΤΑΙ κατάστημα με 50 τ.μ. δίπλα στη Α. Καλοκαιρινού και απένταντι στο Πάρκο τη Λευκάδα και μεγάλο του τον Χαλκεί. Πληροφ. τηλ. 289613—285551.
(Ε296) 1—10
ΕΝΟΙΚΙΑΖΕΤΑΙ ισόγειο 3 δωματίων στο Βικούσο και μεγάλο δρόμο για τα κοπέλλες και ένα ξύλινο παρατερήματο και το ηλεκτρικό του ίδιο στις Ρέθυμνο στο κοντά στη 25 ή γύρω στο ανεξαρτησία. Πληροφ. τηλ. 228 519.
(Ε300) 1—4
ΕΝΟΙΚΙΑΖΕΤΑΙ διαμέρισμα 4 δωματίων στο 3ο όροφο με κεντρική θέρμανση στην οδό Ακαδημίας και ΕΟΚ Μασταμπά. Τηλ. 751603.
(Ε301) 1—3
ΕΝΟΙΚΙΑΖΕΤΑΙ ρετιρέ 2 δωματίων με κουζίνα και λουτρό και αυλή, προς φοιτητές. Πληροφ. τηλ. 231513, 286920.
(Ε247) 1—7
ΕΝΟΙΚΙΑΖΕΤΑΙ διαμερίσματα 2, 3, 4, διαμπερές σε κεντρικά, σημείο της πόλεως. Πληροφ. τηλ. 281732 (ώρες γραφείου).
(Ε257) 1—5
ΕΝΟΙΚΙΑΖΕΤΑΙ τεσσάρι διαμέρισμα. Πληροφ. τηλ. 230213.
(Ε257) 1—5
ΕΝΟΙΚΙΑΖΕΤΑΙ διαμέρισμα νέας 4 δωματίων κεντρικό με κεντρική θέρμανση στο Πόρο. Πληροφ. Θεριστάς 26 Μασταμπά. Τηλ. 283 171.
(Ε253) 1—5
ΕΝΟΙΚΙΑΖΕΤΑΙ διαμέρισμα 2α ορόφου στην περιοχή Πανανέου Νοσοκομείου (απέναντι από το Τεχνικό δρόμου 'Εξωφέρουσα). Πληροφ. τηλ. 230150 από 9:00—14.00.
(Ε264) 1—4
ΕΝΟΙΚΙΑΖΕΤΑΙ ισόγειο διαμέρισμα 4 δωματίων μέ όλους τους χώρους του Καλλιθεϊκού. Πληροφ. τηλ. 230213.
(Ε264) 1—5
ΕΝΟΙΚΙΑΖΕΤΑΙ γραφείο ετεί 18 Έβερα 30. Πληροφ. τηλ. 280093.
(Ε274) 1—12
ΕΝΟΙΚΙΑΖΕΤΑΙ μονοκατοικία 2 δωματίων οδός Κωνσταντινού δος 7. Πληροφ. τηλ. 288237.
(Ε252) 1—2
ΕΝΟΙΚΙΑΖΕΤΑΙ διαμέρισμα 40 μ.2 επί της Αντ. Μηρακάκη Φαράγγι Φεντόπουλου. Πληροφ. τηλ. 289 115.
(Ε237) 1—8
ΕΝΟΙΚΙΑΖΕΤΑΙ στην θέρισο οδός Πολιουκάκη και Ιορδάνη κατα από την πλατεία σε διαμέρισμα 5 τ.μ. μέ πλήρη μπαλκόνια σε 100 μ. για τοπική σε όχι αν δεν 5 τ.μ. Πληροφ. τηλ. 285 871.
ΕΝΟΙΚΙΑΖΕΤΑΙ κατάστημα επί της Στεργιογιάνη 51 πλησίον 2 Βικτωρίας.
(Ε292) 1—2
ΕΝΟΙΚΙΑΖΕΤΑΙ στο Μεντα ή 2 διαμερίσματα 4 δωματίων στον 3ο και 4ο όροφο με όλες τις ανέσεις σε καθημερινή βάση. Πληροφ. τηλ. 210020.
(Ε307) 1—3
ΕΝΟΙΚΙΑΖΕΤΑΙ διαμέρισμα 1981 με 5. Πληροφ. τηλ. 220 312 από 9:00—14:00.
(Ε258) 1—5
ΕΝΟΙΚΙΑΖΕΤΑΙ δυάρι μαζί με σύνθετο 'Αγίας Αθηνάς Πληροφ. τηλ. 225605.
(Ε291) 1—5
ΕΝΟΙΚΙΑΖΕΤΑΙ διώροφος με 3 δωμάτια μαζί στην Θρησκευτική Πολιτικάρχιο 2 όροφος Τηλ. 284322 Αθήνα 8831195.
(Ε293) 1—3
ΕΝΟΙΚΙΑΖΕΤΑΙ στην Αθήνα στα Σεπόλια και όροφο με 3 δωματία 110 τ.μ. Πληροφ. τηλ. 230141—230513.
(Ε306) 1—5
ΕΝΟΙΚΙΑΖΕΤΑΙ ή 4ος όροφος 4 ωραίος διαμέρισμα 4 δωματίων του οδός Λασηθίου 28. Πληροφ. τηλ. 280956 από 9 π.μ. και 6 μ.μ.—9 μ.μ. Πληροφ. τηλ. 288638—283996.
(Ε300) 1—3
ΕΝΟΙΚΙΑΖΕΤΑΙ δώμα με δωμάτιο και κουζίνα και σύνθετο στην περιοχή Χρυσοπηγής (Θέρισος) Πληροφ. τηλ. 234 110 ώρες.
(Ε304) 1—2
ΕΝΟΙΚΙΑΖΕΤΑΙ διπλό 50 τ.μ. μαζί σε 1 εργαζόμενη ή 2 φοιτητές και μετά ή 2 φοιτητές στην περιοχή Αγ. Αικατερίνης. Πληροφ. τηλ. 285536.
(Ε299) 1—6
